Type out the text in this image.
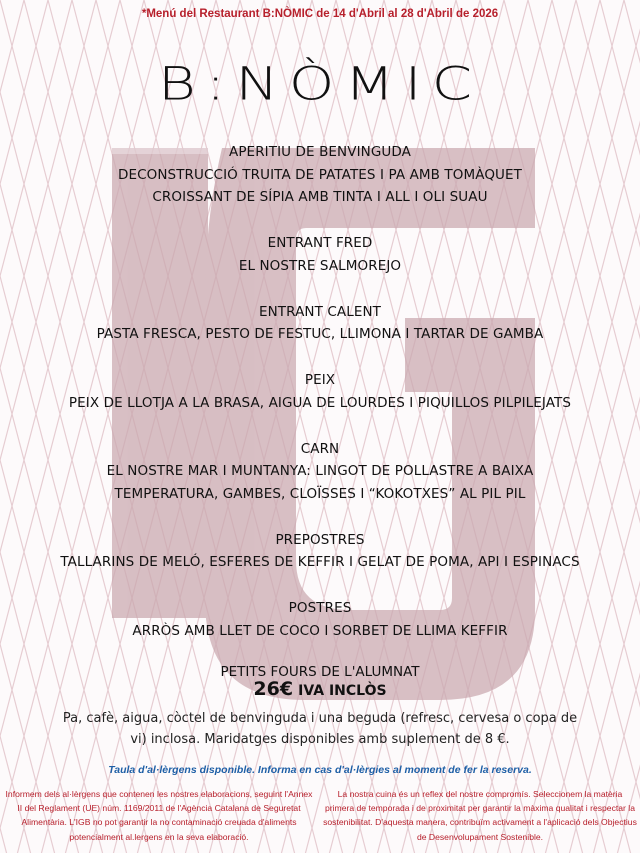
*Menú del Restaurant B:NÒMIC de 14 d'Abril al 28 d'Abril de 2026
B:NÒMIC
APERITIU DE BENVINGUDA
DECONSTRUCCIÓ TRUITA DE PATATES I PA AMB TOMÀQUET
CROISSANT DE SÍPIA AMB TINTA I ALL I OLI SUAU
ENTRANT FRED
EL NOSTRE SALMOREJO
ENTRANT CALENT
PASTA FRESCA, PESTO DE FESTUC, LLIMONA I TARTAR DE GAMBA
PEIX
PEIX DE LLOTJA A LA BRASA, AIGUA DE LOURDES I PIQUILLOS PILPILEJATS
CARN
EL NOSTRE MAR I MUNTANYA: LINGOT DE POLLASTRE A BAIXA
TEMPERATURA, GAMBES, CLOÏSSES I “KOKOTXES” AL PIL PIL
PREPOSTRES
TALLARINS DE MELÓ, ESFERES DE KEFFIR I GELAT DE POMA, API I ESPINACS
POSTRES
ARRÒS AMB LLET DE COCO I SORBET DE LLIMA KEFFIR
PETITS FOURS DE L'ALUMNAT
26€ IVA INCLÒS
Pa, cafè, aigua, còctel de benvinguda i una beguda (refresc, cervesa o copa de vi) inclosa. Maridatges disponibles amb suplement de 8 €.
Taula d'al·lèrgens disponible. Informa en cas d'al·lèrgies al moment de fer la reserva.
Informem dels al·lèrgens que contenen les nostres elaboracions, seguint l'Annex II del Reglament (UE) núm. 1169/2011 de l'Agència Catalana de Seguretat Alimentària. L'IGB no pot garantir la no contaminació creuada d'aliments potencialment al.lergens en la seva elaboració.
La nostra cuina és un reflex del nostre compromís. Seleccionem la matèria primera de temporada i de proximitat per garantir la màxima qualitat i respectar la sostenibilitat. D'aquesta manera, contribuïm activament a l'aplicació dels Objectius de Desenvolupament Sostenible.
